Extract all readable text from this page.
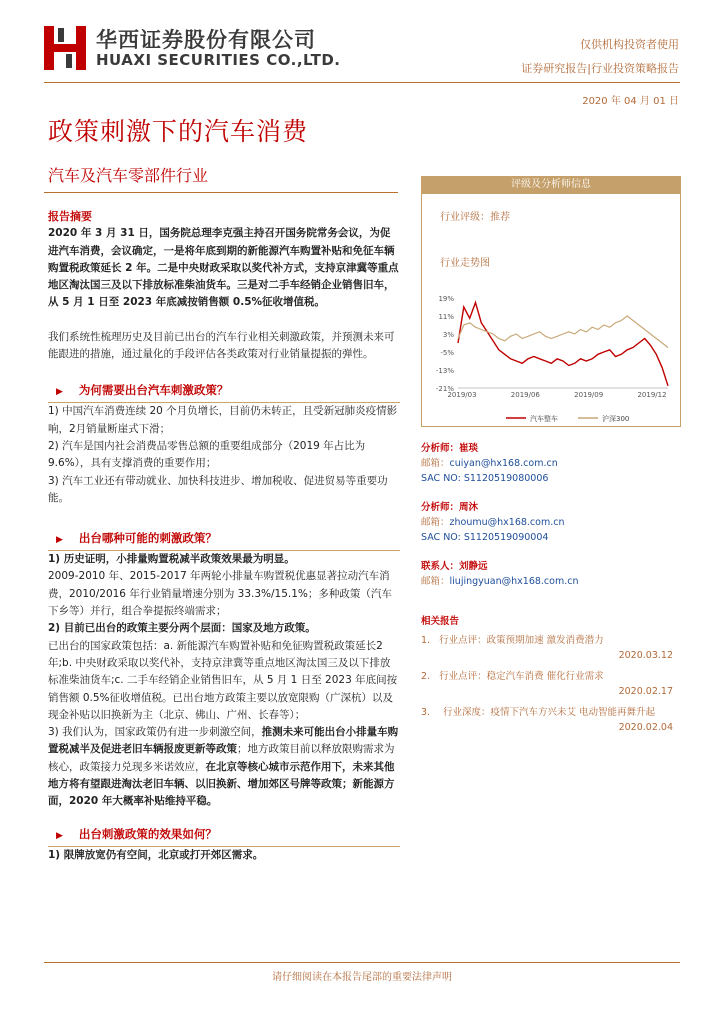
华西证券股份有限公司
HUAXI SECURITIES CO.,LTD.
仅供机构投资者使用
证券研究报告|行业投资策略报告
2020 年 04 月 01 日
政策刺激下的汽车消费
汽车及汽车零部件行业

报告摘要

2020 年 3 月 31 日，国务院总理李克强主持召开国务院常务会议，为促进汽车消费，会议确定，一是将年底到期的新能源汽车购置补贴和免征车辆购置税政策延长 2 年。二是中央财政采取以奖代补方式，支持京津冀等重点地区淘汰国三及以下排放标准柴油货车。三是对二手车经销企业销售旧车，从 5 月 1 日至 2023 年底减按销售额 0.5%征收增值税。

我们系统性梳理历史及目前已出台的汽车行业相关刺激政策，并预测未来可能跟进的措施，通过量化的手段评估各类政策对行业销量提振的弹性。

▶ 为何需要出台汽车刺激政策？

1) 中国汽车消费连续 20 个月负增长，目前仍未转正，且受新冠肺炎疫情影响，2月销量断崖式下滑；

2) 汽车是国内社会消费品零售总额的重要组成部分（2019 年占比为 9.6%），具有支撑消费的重要作用；

3) 汽车工业还有带动就业、加快科技进步、增加税收、促进贸易等重要功能。

▶ 出台哪种可能的刺激政策？

1) 历史证明，小排量购置税减半政策效果最为明显。

2009-2010 年、2015-2017 年两轮小排量车购置税优惠显著拉动汽车消费，2010/2016 年行业销量增速分别为 33.3%/15.1%；多种政策（汽车下乡等）并行，组合拳提振终端需求；

2) 目前已出台的政策主要分两个层面：国家及地方政策。

已出台的国家政策包括：a. 新能源汽车购置补贴和免征购置税政策延长2年;b. 中央财政采取以奖代补，支持京津冀等重点地区淘汰国三及以下排放标准柴油货车;c. 二手车经销企业销售旧车，从 5 月 1 日至 2023 年底间按销售额 0.5%征收增值税。已出台地方政策主要以放宽限购（广深杭）以及现金补贴以旧换新为主（北京、佛山、广州、长春等）；

3) 我们认为，国家政策仍有进一步刺激空间，推测未来可能出台小排量车购置税减半及促进老旧车辆报废更新等政策；地方政策目前以释放限购需求为核心，政策接力兑现多米诺效应，在北京等核心城市示范作用下，未来其他地方将有望跟进淘汰老旧车辆、以旧换新、增加郊区号牌等政策；新能源方面，2020 年大概率补贴维持平稳。

▶ 出台刺激政策的效果如何？

1) 限牌放宽仍有空间，北京或打开郊区需求。

评级及分析师信息
行业评级：推荐
行业走势图
19%
11%
3%
-5%
-13%
-21%
2019/03	2019/06	2019/09	2019/12
汽车整车	沪深300
分析师：崔琰
邮箱：cuiyan@hx168.com.cn
SAC NO: S1120519080006
分析师：周沐
邮箱：zhoumu@hx168.com.cn
SAC NO: S1120519090004
联系人：刘静远
邮箱：liujingyuan@hx168.com.cn
相关报告
1. 行业点评：政策预期加速 激发消费潜力
2020.03.12
2. 行业点评：稳定汽车消费 催化行业需求
2020.02.17
3.	行业深度：疫情下汽车方兴未艾 电动智能再舞升起
2020.02.04
请仔细阅读在本报告尾部的重要法律声明
